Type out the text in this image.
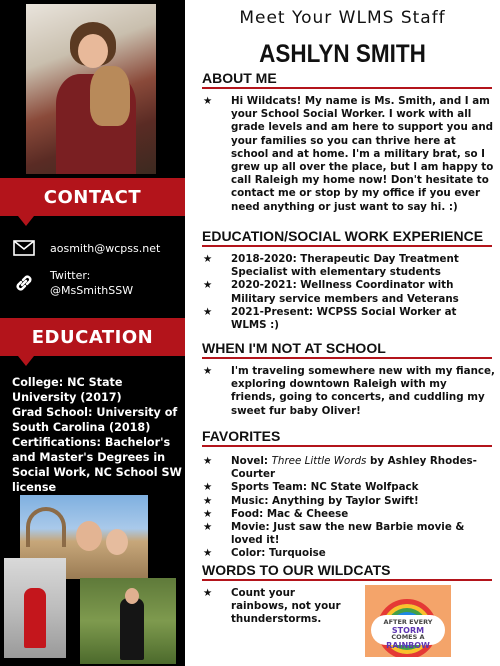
CONTACT
aosmith@wcpss.net
Twitter:
@MsSmithSSW
EDUCATION
College: NC State University (2017)
Grad School: University of South Carolina (2018)
Certifications: Bachelor's and Master's Degrees in Social Work, NC School SW license
Meet Your WLMS Staff
ASHLYN SMITH
ABOUT ME
★ Hi Wildcats! My name is Ms. Smith, and I am your School Social Worker. I work with all grade levels and am here to support you and your families so you can thrive here at school and at home. I'm a military brat, so I grew up all over the place, but I am happy to call Raleigh my home now! Don't hesitate to contact me or stop by my office if you ever need anything or just want to say hi. :)
EDUCATION/SOCIAL WORK EXPERIENCE
★ 2018-2020: Therapeutic Day Treatment Specialist with elementary students
★ 2020-2021: Wellness Coordinator with Military service members and Veterans
★ 2021-Present: WCPSS Social Worker at WLMS :)
WHEN I'M NOT AT SCHOOL
★ I'm traveling somewhere new with my fiance, exploring downtown Raleigh with my friends, going to concerts, and cuddling my sweet fur baby Oliver!
FAVORITES
★ Novel: Three Little Words by Ashley Rhodes-Courter
★ Sports Team: NC State Wolfpack
★ Music: Anything by Taylor Swift!
★ Food: Mac & Cheese
★ Movie: Just saw the new Barbie movie & loved it!
★ Color: Turquoise
WORDS TO OUR WILDCATS
★ Count your rainbows, not your thunderstorms.	AFTER EVERY
STORM
COMES A
RAINBOW
